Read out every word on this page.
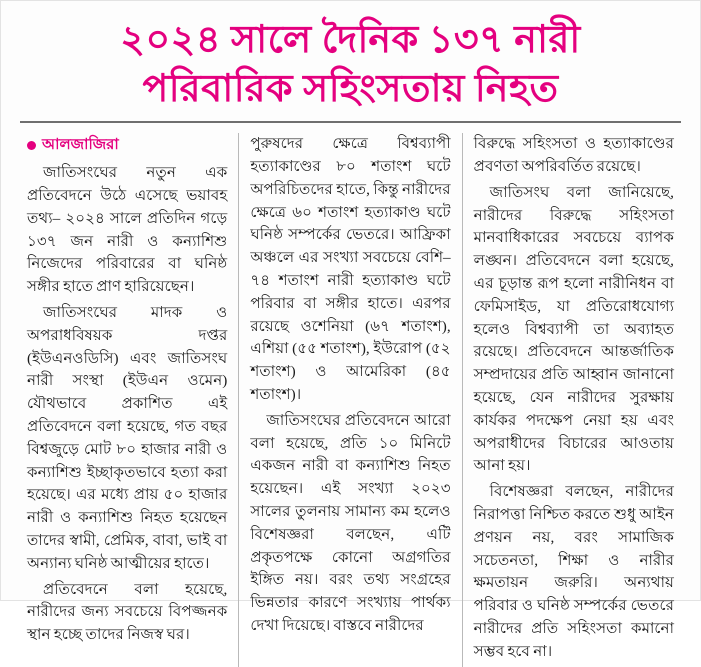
২০২৪ সালে দৈনিক ১৩৭ নারী
পরিবারিক সহিংসতায় নিহত
আলজাজিরা

জাতিসংঘের নতুন এক প্রতিবেদনে উঠে এসেছে ভয়াবহ তথ্য– ২০২৪ সালে প্রতিদিন গড়ে ১৩৭ জন নারী ও কন্যাশিশু নিজেদের পরিবারের বা ঘনিষ্ঠ সঙ্গীর হাতে প্রাণ হারিয়েছেন।

জাতিসংঘের মাদক ও অপরাধবিষয়ক দপ্তর (ইউএনওডিসি) এবং জাতিসংঘ নারী সংস্থা (ইউএন ওমেন) যৌথভাবে প্রকাশিত এই প্রতিবেদনে বলা হয়েছে, গত বছর বিশ্বজুড়ে মোট ৮০ হাজার নারী ও কন্যাশিশু ইচ্ছাকৃতভাবে হত্যা করা হয়েছে। এর মধ্যে প্রায় ৫০ হাজার নারী ও কন্যাশিশু নিহত হয়েছেন তাদের স্বামী, প্রেমিক, বাবা, ভাই বা অন্যান্য ঘনিষ্ঠ আত্মীয়ের হাতে।

প্রতিবেদনে বলা হয়েছে, নারীদের জন্য সবচেয়ে বিপজ্জনক স্থান হচ্ছে তাদের নিজস্ব ঘর।

পুরুষদের ক্ষেত্রে বিশ্বব্যাপী হত্যাকাণ্ডের ৮০ শতাংশ ঘটে অপরিচিতদের হাতে, কিন্তু নারীদের ক্ষেত্রে ৬০ শতাংশ হত্যাকাণ্ড ঘটে ঘনিষ্ঠ সম্পর্কের ভেতরে। আফ্রিকা অঞ্চলে এর সংখ্যা সবচেয়ে বেশি– ৭৪ শতাংশ নারী হত্যাকাণ্ড ঘটে পরিবার বা সঙ্গীর হাতে। এরপর রয়েছে ওশেনিয়া (৬৭ শতাংশ), এশিয়া (৫৫ শতাংশ), ইউরোপ (৫২ শতাংশ) ও আমেরিকা (৪৫ শতাংশ)।

জাতিসংঘের প্রতিবেদনে আরো বলা হয়েছে, প্রতি ১০ মিনিটে একজন নারী বা কন্যাশিশু নিহত হয়েছেন। এই সংখ্যা ২০২৩ সালের তুলনায় সামান্য কম হলেও বিশেষজ্ঞরা বলছেন, এটি প্রকৃতপক্ষে কোনো অগ্রগতির ইঙ্গিত নয়। বরং তথ্য সংগ্রহের ভিন্নতার কারণে সংখ্যায় পার্থক্য দেখা দিয়েছে। বাস্তবে নারীদের

বিরুদ্ধে সহিংসতা ও হত্যাকাণ্ডের প্রবণতা অপরিবর্তিত রয়েছে।

জাতিসংঘ বলা জানিয়েছে, নারীদের বিরুদ্ধে সহিংসতা মানবাধিকারের সবচেয়ে ব্যাপক লঙ্ঘন। প্রতিবেদনে বলা হয়েছে, এর চূড়ান্ত রূপ হলো নারীনিধন বা ফেমিসাইড, যা প্রতিরোধযোগ্য হলেও বিশ্বব্যাপী তা অব্যাহত রয়েছে। প্রতিবেদনে আন্তর্জাতিক সম্প্রদায়ের প্রতি আহ্বান জানানো হয়েছে, যেন নারীদের সুরক্ষায় কার্যকর পদক্ষেপ নেয়া হয় এবং অপরাধীদের বিচারের আওতায় আনা হয়।

বিশেষজ্ঞরা বলছেন, নারীদের নিরাপত্তা নিশ্চিত করতে শুধু আইন প্রণয়ন নয়, বরং সামাজিক সচেতনতা, শিক্ষা ও নারীর ক্ষমতায়ন জরুরি। অন্যথায় পরিবার ও ঘনিষ্ঠ সম্পর্কের ভেতরে নারীদের প্রতি সহিংসতা কমানো সম্ভব হবে না।
